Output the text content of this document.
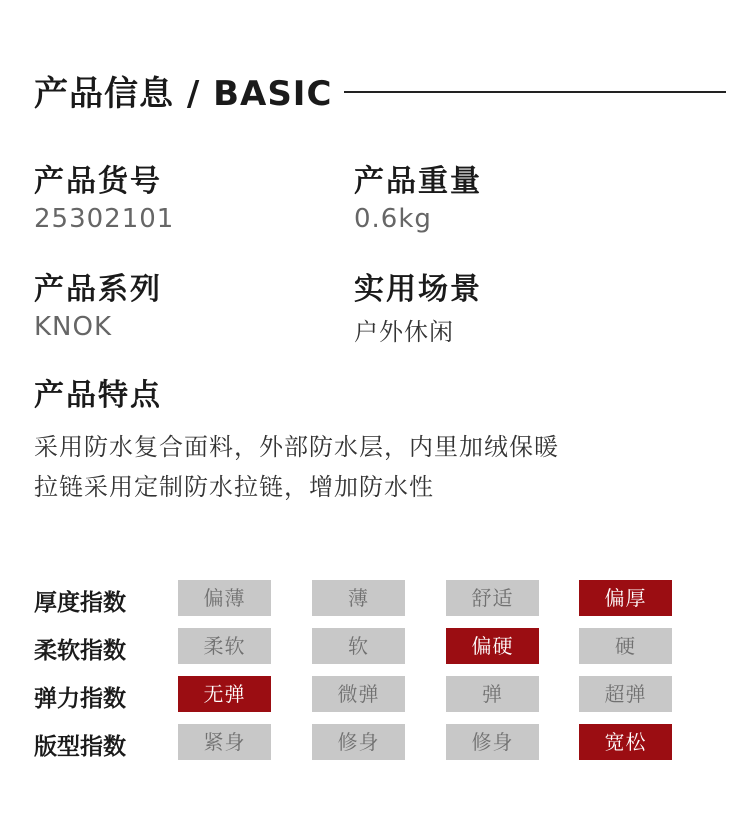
产品信息 / BASIC
产品货号
25302101
产品重量
0.6kg
产品系列
KNOK
实用场景
户外休闲
产品特点
采用防水复合面料，外部防水层，内里加绒保暖
拉链采用定制防水拉链，增加防水性
厚度指数	偏薄	薄	舒适	偏厚
柔软指数	柔软	软	偏硬	硬
弹力指数	无弹	微弹	弹	超弹
版型指数	紧身	修身	修身	宽松
